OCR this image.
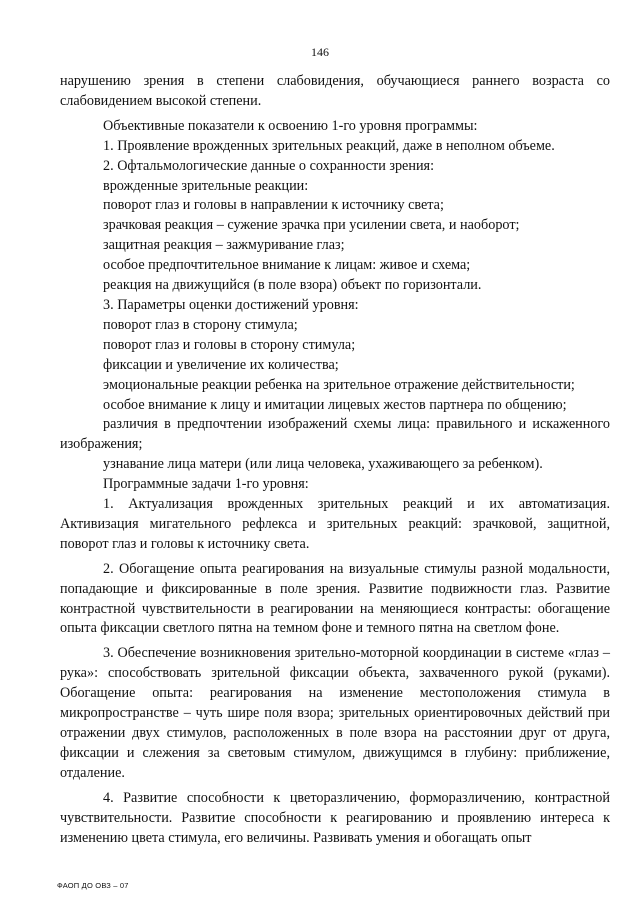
146

нарушению зрения в степени слабовидения, обучающиеся раннего возраста со слабовидением высокой степени.

Объективные показатели к освоению 1-го уровня программы:

1. Проявление врожденных зрительных реакций, даже в неполном объеме.

2. Офтальмологические данные о сохранности зрения:

врожденные зрительные реакции:

поворот глаз и головы в направлении к источнику света;

зрачковая реакция – сужение зрачка при усилении света, и наоборот;

защитная реакция – зажмуривание глаз;

особое предпочтительное внимание к лицам: живое и схема;

реакция на движущийся (в поле взора) объект по горизонтали.

3. Параметры оценки достижений уровня:

поворот глаз в сторону стимула;

поворот глаз и головы в сторону стимула;

фиксации и увеличение их количества;

эмоциональные реакции ребенка на зрительное отражение действительности;

особое внимание к лицу и имитации лицевых жестов партнера по общению;

различия в предпочтении изображений схемы лица: правильного и искаженного изображения;

узнавание лица матери (или лица человека, ухаживающего за ребенком).

Программные задачи 1-го уровня:

1. Актуализация врожденных зрительных реакций и их автоматизация. Активизация мигательного рефлекса и зрительных реакций: зрачковой, защитной, поворот глаз и головы к источнику света.

2. Обогащение опыта реагирования на визуальные стимулы разной модальности, попадающие и фиксированные в поле зрения. Развитие подвижности глаз. Развитие контрастной чувствительности в реагировании на меняющиеся контрасты: обогащение опыта фиксации светлого пятна на темном фоне и темного пятна на светлом фоне.

3. Обеспечение возникновения зрительно-моторной координации в системе «глаз – рука»: способствовать зрительной фиксации объекта, захваченного рукой (руками). Обогащение опыта: реагирования на изменение местоположения стимула в микропространстве – чуть шире поля взора; зрительных ориентировочных действий при отражении двух стимулов, расположенных в поле взора на расстоянии друг от друга, фиксации и слежения за световым стимулом, движущимся в глубину: приближение, отдаление.

4. Развитие способности к цветоразличению, форморазличению, контрастной чувствительности. Развитие способности к реагированию и проявлению интереса к изменению цвета стимула, его величины. Развивать умения и обогащать опыт

ФАОП ДО ОВЗ – 07
